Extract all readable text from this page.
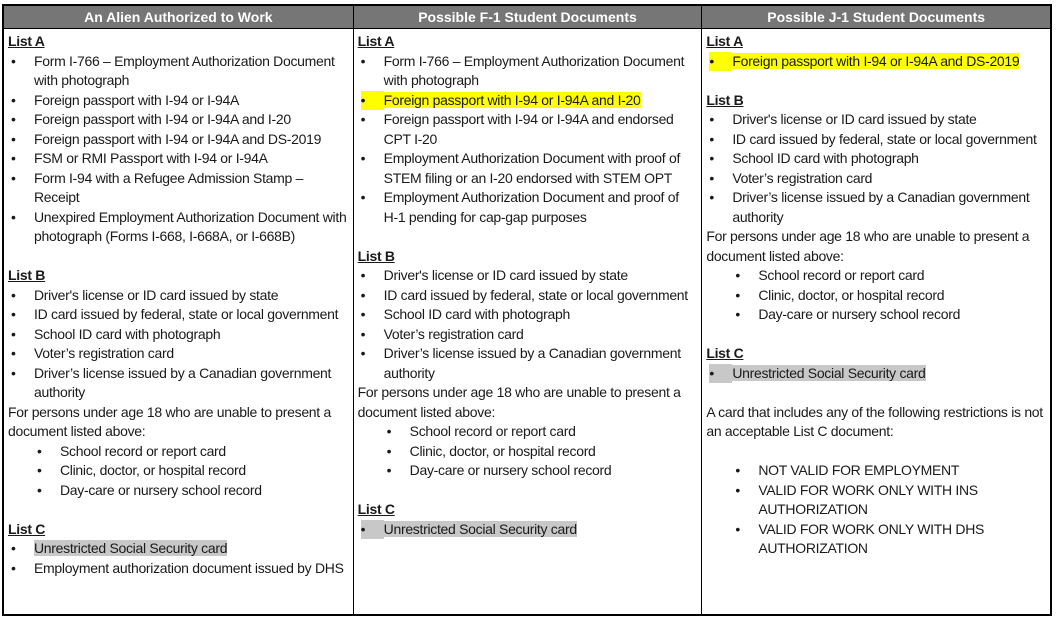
An Alien Authorized to Work
List A
•	Form I-766 – Employment Authorization Document with photograph
•	Foreign passport with I-94 or I-94A
•	Foreign passport with I-94 or I-94A and I-20
•	Foreign passport with I-94 or I-94A and DS-2019
•	FSM or RMI Passport with I-94 or I-94A
•	Form I-94 with a Refugee Admission Stamp – Receipt
•	Unexpired Employment Authorization Document with photograph (Forms I-668, I-668A, or I-668B)
List B
•	Driver's license or ID card issued by state
•	ID card issued by federal, state or local government
•	School ID card with photograph
•	Voter’s registration card
•	Driver’s license issued by a Canadian government authority
For persons under age 18 who are unable to present a document listed above:
•	School record or report card
•	Clinic, doctor, or hospital record
•	Day-care or nursery school record
List C
•	Unrestricted Social Security card
•	Employment authorization document issued by DHS
Possible F-1 Student Documents
List A
•	Form I-766 – Employment Authorization Document with photograph
•	Foreign passport with I-94 or I-94A and I-20
•	Foreign passport with I-94 or I-94A and endorsed CPT I-20
•	Employment Authorization Document with proof of STEM filing or an I-20 endorsed with STEM OPT
•	Employment Authorization Document and proof of H-1 pending for cap-gap purposes
List B
•	Driver's license or ID card issued by state
•	ID card issued by federal, state or local government
•	School ID card with photograph
•	Voter’s registration card
•	Driver’s license issued by a Canadian government authority
For persons under age 18 who are unable to present a document listed above:
•	School record or report card
•	Clinic, doctor, or hospital record
•	Day-care or nursery school record
List C
•	Unrestricted Social Security card
Possible J-1 Student Documents
List A
•	Foreign passport with I-94 or I-94A and DS-2019
List B
•	Driver's license or ID card issued by state
•	ID card issued by federal, state or local government
•	School ID card with photograph
•	Voter’s registration card
•	Driver’s license issued by a Canadian government authority
For persons under age 18 who are unable to present a document listed above:
•	School record or report card
•	Clinic, doctor, or hospital record
•	Day-care or nursery school record
List C
•	Unrestricted Social Security card
A card that includes any of the following restrictions is not an acceptable List C document:
•	NOT VALID FOR EMPLOYMENT
•	VALID FOR WORK ONLY WITH INS AUTHORIZATION
•	VALID FOR WORK ONLY WITH DHS AUTHORIZATION
